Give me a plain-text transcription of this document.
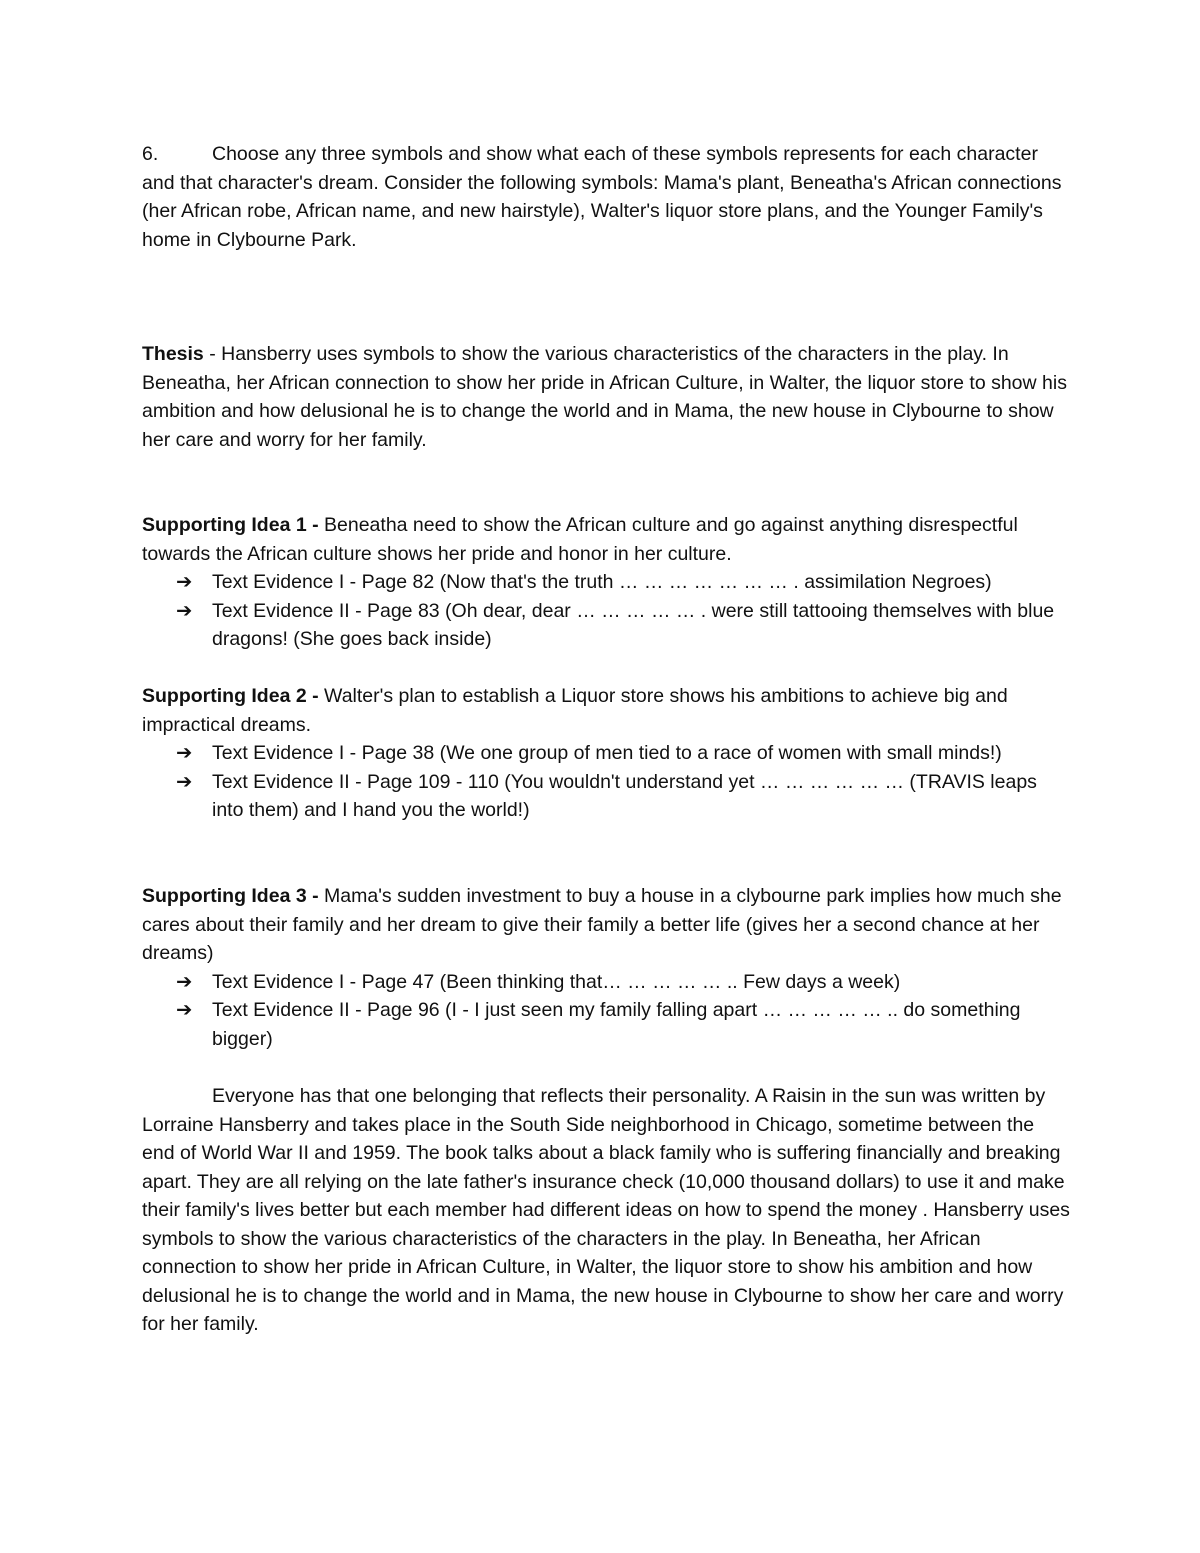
6.	Choose any three symbols and show what each of these symbols represents for each character and that character's dream. Consider the following symbols: Mama's plant, Beneatha's African connections (her African robe, African name, and new hairstyle), Walter's liquor store plans, and the Younger Family's home in Clybourne Park.

Thesis - Hansberry uses symbols to show the various characteristics of the characters in the play. In Beneatha, her African connection to show her pride in African Culture, in Walter, the liquor store to show his ambition and how delusional he is to change the world and in Mama, the new house in Clybourne to show her care and worry for her family.

Supporting Idea 1 - Beneatha need to show the African culture and go against anything disrespectful towards the African culture shows her pride and honor in her culture.

➔ Text Evidence I - Page 82 (Now that's the truth … … … … … … … . assimilation Negroes)

➔ Text Evidence II - Page 83 (Oh dear, dear … … … … … . were still tattooing themselves with blue dragons! (She goes back inside)

Supporting Idea 2 - Walter's plan to establish a Liquor store shows his ambitions to achieve big and impractical dreams.

➔ Text Evidence I - Page 38 (We one group of men tied to a race of women with small minds!)

➔ Text Evidence II - Page 109 - 110 (You wouldn't understand yet … … … … … … (TRAVIS leaps into them) and I hand you the world!)

Supporting Idea 3 - Mama's sudden investment to buy a house in a clybourne park implies how much she cares about their family and her dream to give their family a better life (gives her a second chance at her dreams)

➔ Text Evidence I - Page 47 (Been thinking that… … … … … .. Few days a week)

➔ Text Evidence II - Page 96 (I - I just seen my family falling apart … … … … … .. do something bigger)

Everyone has that one belonging that reflects their personality. A Raisin in the sun was written by Lorraine Hansberry and takes place in the South Side neighborhood in Chicago, sometime between the end of World War II and 1959. The book talks about a black family who is suffering financially and breaking apart. They are all relying on the late father's insurance check (10,000 thousand dollars) to use it and make their family's lives better but each member had different ideas on how to spend the money . Hansberry uses symbols to show the various characteristics of the characters in the play. In Beneatha, her African connection to show her pride in African Culture, in Walter, the liquor store to show his ambition and how delusional he is to change the world and in Mama, the new house in Clybourne to show her care and worry for her family.
